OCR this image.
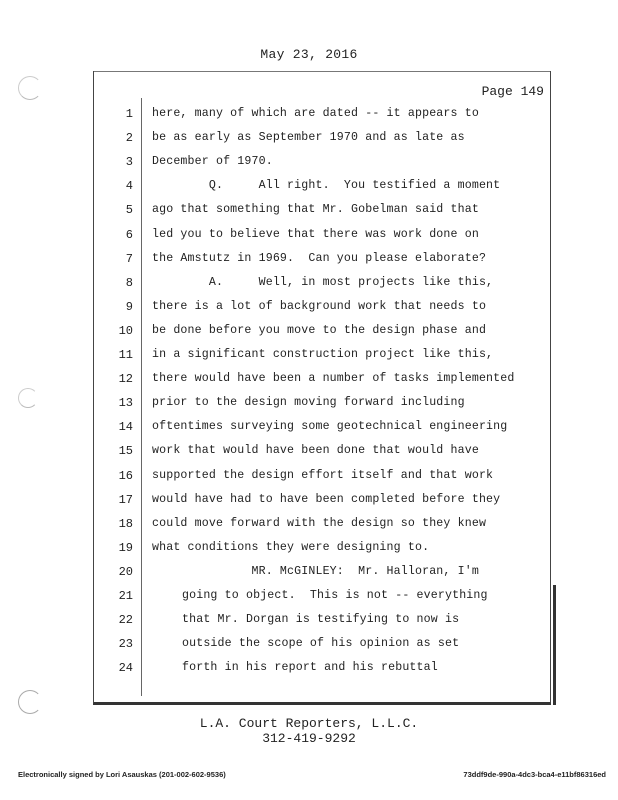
May 23, 2016
Page 149
1 here, many of which are dated -- it appears to
2 be as early as September 1970 and as late as
3 December of 1970.
4 Q.     All right.  You testified a moment
5 ago that something that Mr. Gobelman said that
6 led you to believe that there was work done on
7 the Amstutz in 1969.  Can you please elaborate?
8 A.     Well, in most projects like this,
9 there is a lot of background work that needs to
10 be done before you move to the design phase and
11 in a significant construction project like this,
12 there would have been a number of tasks implemented
13 prior to the design moving forward including
14 oftentimes surveying some geotechnical engineering
15 work that would have been done that would have
16 supported the design effort itself and that work
17 would have had to have been completed before they
18 could move forward with the design so they knew
19 what conditions they were designing to.
20 MR. McGINLEY:  Mr. Halloran, I'm
21	going to object.  This is not -- everything
22	that Mr. Dorgan is testifying to now is
23	outside the scope of his opinion as set
24	forth in his report and his rebuttal
L.A. Court Reporters, L.L.C.
312-419-9292
Electronically signed by Lori Asauskas (201-002-602-9536)	73ddf9de-990a-4dc3-bca4-e11bf86316ed
